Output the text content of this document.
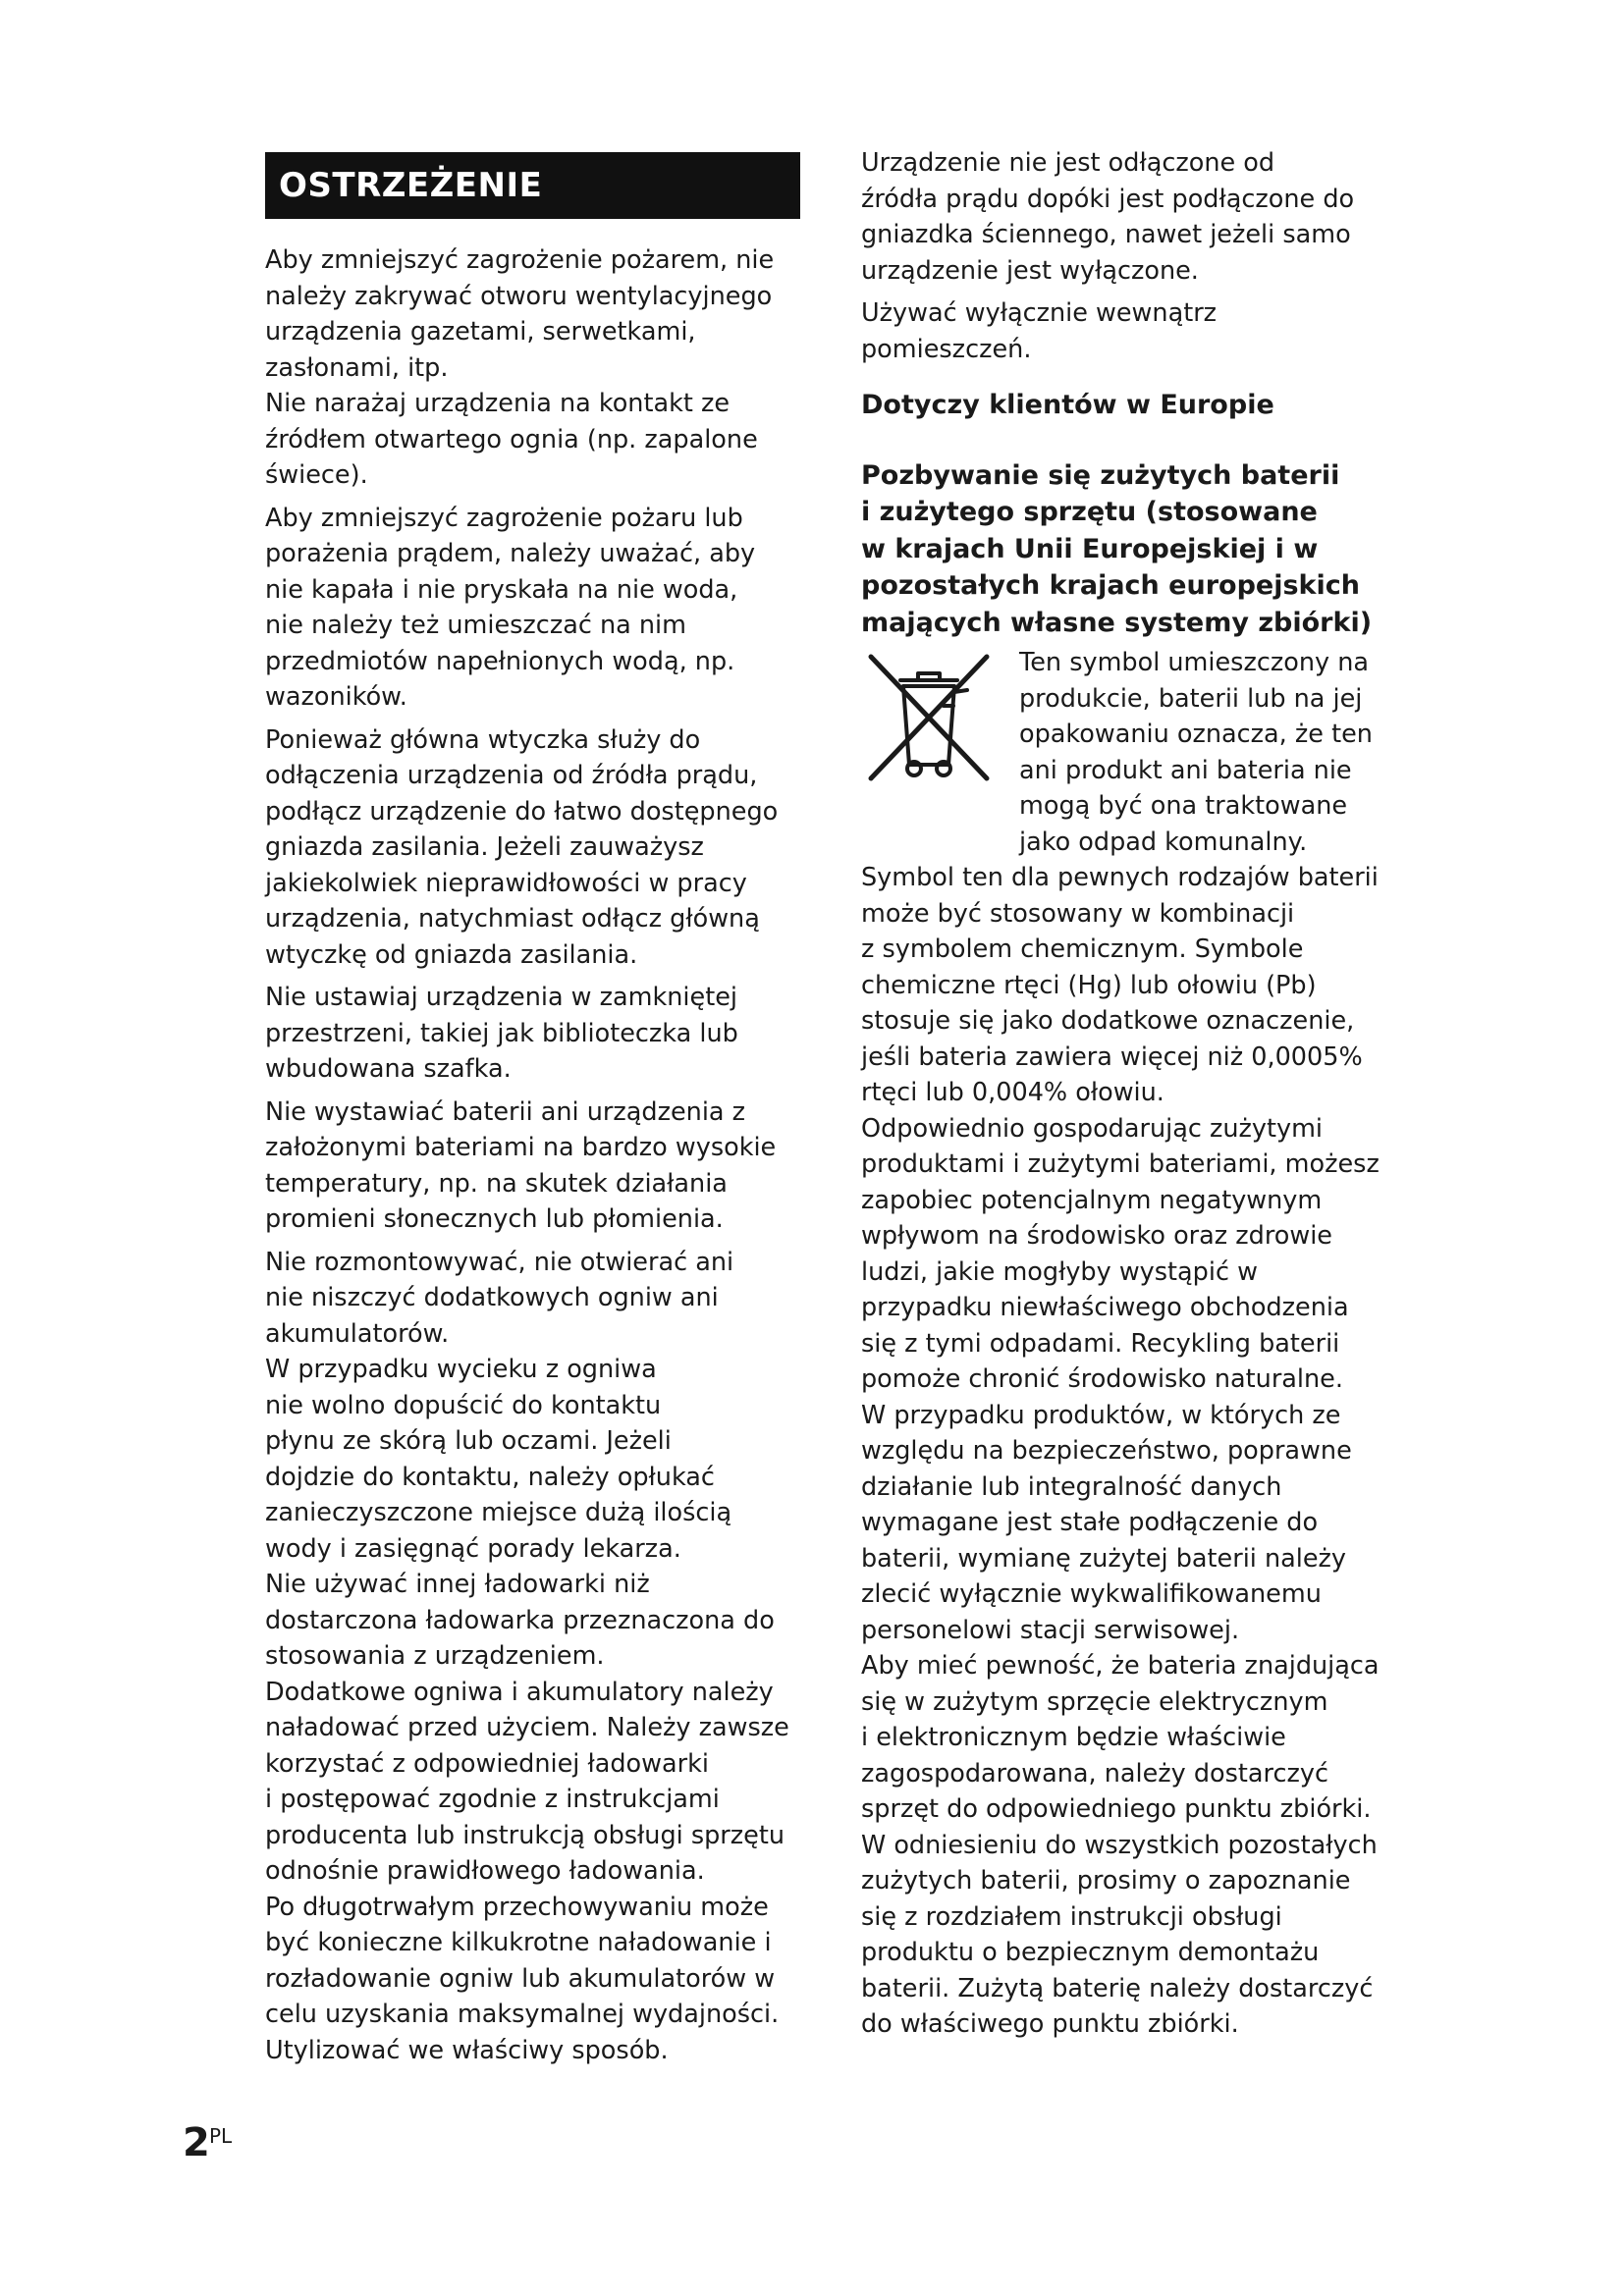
OSTRZEŻENIE

Aby zmniejszyć zagrożenie pożarem, nie
należy zakrywać otworu wentylacyjnego
urządzenia gazetami, serwetkami,
zasłonami, itp.
Nie narażaj urządzenia na kontakt ze
źródłem otwartego ognia (np. zapalone
świece).

Aby zmniejszyć zagrożenie pożaru lub
porażenia prądem, należy uważać, aby
nie kapała i nie pryskała na nie woda,
nie należy też umieszczać na nim
przedmiotów napełnionych wodą, np.
wazoników.

Ponieważ główna wtyczka służy do
odłączenia urządzenia od źródła prądu,
podłącz urządzenie do łatwo dostępnego
gniazda zasilania. Jeżeli zauważysz
jakiekolwiek nieprawidłowości w pracy
urządzenia, natychmiast odłącz główną
wtyczkę od gniazda zasilania.

Nie ustawiaj urządzenia w zamkniętej
przestrzeni, takiej jak biblioteczka lub
wbudowana szafka.

Nie wystawiać baterii ani urządzenia z
założonymi bateriami na bardzo wysokie
temperatury, np. na skutek działania
promieni słonecznych lub płomienia.

Nie rozmontowywać, nie otwierać ani
nie niszczyć dodatkowych ogniw ani
akumulatorów.
W przypadku wycieku z ogniwa
nie wolno dopuścić do kontaktu
płynu ze skórą lub oczami. Jeżeli
dojdzie do kontaktu, należy opłukać
zanieczyszczone miejsce dużą ilością
wody i zasięgnąć porady lekarza.
Nie używać innej ładowarki niż
dostarczona ładowarka przeznaczona do
stosowania z urządzeniem.
Dodatkowe ogniwa i akumulatory należy
naładować przed użyciem. Należy zawsze
korzystać z odpowiedniej ładowarki
i postępować zgodnie z instrukcjami
producenta lub instrukcją obsługi sprzętu
odnośnie prawidłowego ładowania.
Po długotrwałym przechowywaniu może
być konieczne kilkukrotne naładowanie i
rozładowanie ogniw lub akumulatorów w
celu uzyskania maksymalnej wydajności.
Utylizować we właściwy sposób.

Urządzenie nie jest odłączone od
źródła prądu dopóki jest podłączone do
gniazdka ściennego, nawet jeżeli samo
urządzenie jest wyłączone.

Używać wyłącznie wewnątrz
pomieszczeń.

Dotyczy klientów w Europie
Pozbywanie się zużytych baterii
i zużytego sprzętu (stosowane
w krajach Unii Europejskiej i w
pozostałych krajach europejskich
mających własne systemy zbiórki)

Ten symbol umieszczony na
produkcie, baterii lub na jej
opakowaniu oznacza, że ten
ani produkt ani bateria nie
mogą być ona traktowane
jako odpad komunalny.

Symbol ten dla pewnych rodzajów baterii
może być stosowany w kombinacji
z symbolem chemicznym. Symbole
chemiczne rtęci (Hg) lub ołowiu (Pb)
stosuje się jako dodatkowe oznaczenie,
jeśli bateria zawiera więcej niż 0,0005%
rtęci lub 0,004% ołowiu.
Odpowiednio gospodarując zużytymi
produktami i zużytymi bateriami, możesz
zapobiec potencjalnym negatywnym
wpływom na środowisko oraz zdrowie
ludzi, jakie mogłyby wystąpić w
przypadku niewłaściwego obchodzenia
się z tymi odpadami. Recykling baterii
pomoże chronić środowisko naturalne.
W przypadku produktów, w których ze
względu na bezpieczeństwo, poprawne
działanie lub integralność danych
wymagane jest stałe podłączenie do
baterii, wymianę zużytej baterii należy
zlecić wyłącznie wykwalifikowanemu
personelowi stacji serwisowej.
Aby mieć pewność, że bateria znajdująca
się w zużytym sprzęcie elektrycznym
i elektronicznym będzie właściwie
zagospodarowana, należy dostarczyć
sprzęt do odpowiedniego punktu zbiórki.
W odniesieniu do wszystkich pozostałych
zużytych baterii, prosimy o zapoznanie
się z rozdziałem instrukcji obsługi
produktu o bezpiecznym demontażu
baterii. Zużytą baterię należy dostarczyć
do właściwego punktu zbiórki.

2 PL
